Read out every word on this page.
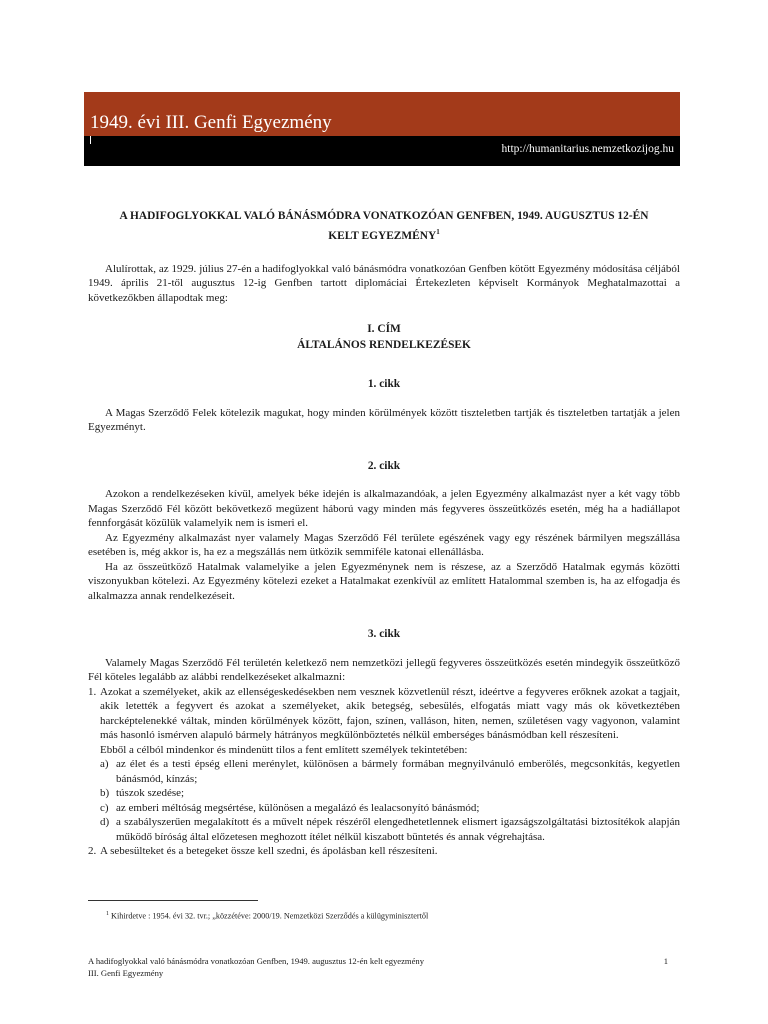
1949. évi III. Genfi Egyezmény
http://humanitarius.nemzetkozijog.hu
A HADIFOGLYOKKAL VALÓ BÁNÁSMÓDRA VONATKOZÓAN GENFBEN, 1949. AUGUSZTUS 12-ÉN
KELT EGYEZMÉNY$^1$

Alulírottak, az 1929. július 27-én a hadifoglyokkal való bánásmódra vonatkozóan Genfben kötött Egyezmény módosítása céljából 1949. április 21-től augusztus 12-ig Genfben tartott diplomáciai Értekezleten képviselt Kormányok Meghatalmazottai a következőkben állapodtak meg:

I. CÍM
ÁLTALÁNOS RENDELKEZÉSEK
1. cikk

A Magas Szerződő Felek kötelezik magukat, hogy minden körülmények között tiszteletben tartják és tiszteletben tartatják a jelen Egyezményt.

2. cikk

Azokon a rendelkezéseken kívül, amelyek béke idején is alkalmazandóak, a jelen Egyezmény alkalmazást nyer a két vagy több Magas Szerződő Fél között bekövetkező megüzent háború vagy minden más fegyveres összeütközés esetén, még ha a hadiállapot fennforgását közülük valamelyik nem is ismeri el.

Az Egyezmény alkalmazást nyer valamely Magas Szerződő Fél területe egészének vagy egy részének bármilyen megszállása esetében is, még akkor is, ha ez a megszállás nem ütközik semmiféle katonai ellenállásba.

Ha az összeütköző Hatalmak valamelyike a jelen Egyezménynek nem is részese, az a Szerződő Hatalmak egymás közötti viszonyukban kötelezi. Az Egyezmény kötelezi ezeket a Hatalmakat ezenkívül az említett Hatalommal szemben is, ha az elfogadja és alkalmazza annak rendelkezéseit.

3. cikk

Valamely Magas Szerződő Fél területén keletkező nem nemzetközi jellegű fegyveres összeütközés esetén mindegyik összeütköző Fél köteles legalább az alábbi rendelkezéseket alkalmazni:

1. Azokat a személyeket, akik az ellenségeskedésekben nem vesznek közvetlenül részt, ideértve a fegyveres erőknek azokat a tagjait, akik letették a fegyvert és azokat a személyeket, akik betegség, sebesülés, elfogatás miatt vagy más ok következtében harcképtelenekké váltak, minden körülmények között, fajon, színen, valláson, hiten, nemen, születésen vagy vagyonon, valamint más hasonló ismérven alapuló bármely hátrányos megkülönböztetés nélkül emberséges bánásmódban kell részesíteni.
Ebből a célból mindenkor és mindenütt tilos a fent említett személyek tekintetében:
a) az élet és a testi épség elleni merénylet, különösen a bármely formában megnyilvánuló emberölés, megcsonkítás, kegyetlen bánásmód, kínzás;
b) túszok szedése;
c) az emberi méltóság megsértése, különösen a megalázó és lealacsonyító bánásmód;
d) a szabályszerűen megalakított és a művelt népek részéről elengedhetetlennek elismert igazságszolgáltatási biztosítékok alapján működő bíróság által előzetesen meghozott ítélet nélkül kiszabott büntetés és annak végrehajtása.
2. A sebesülteket és a betegeket össze kell szedni, és ápolásban kell részesíteni.
$^1$ Kihirdetve : 1954. évi 32. tvr.; „közzétéve: 2000/19. Nemzetközi Szerződés a külügyminisztertől
A hadifoglyokkal való bánásmódra vonatkozóan Genfben, 1949. augusztus 12-én kelt egyezmény
III. Genfi Egyezmény
1
